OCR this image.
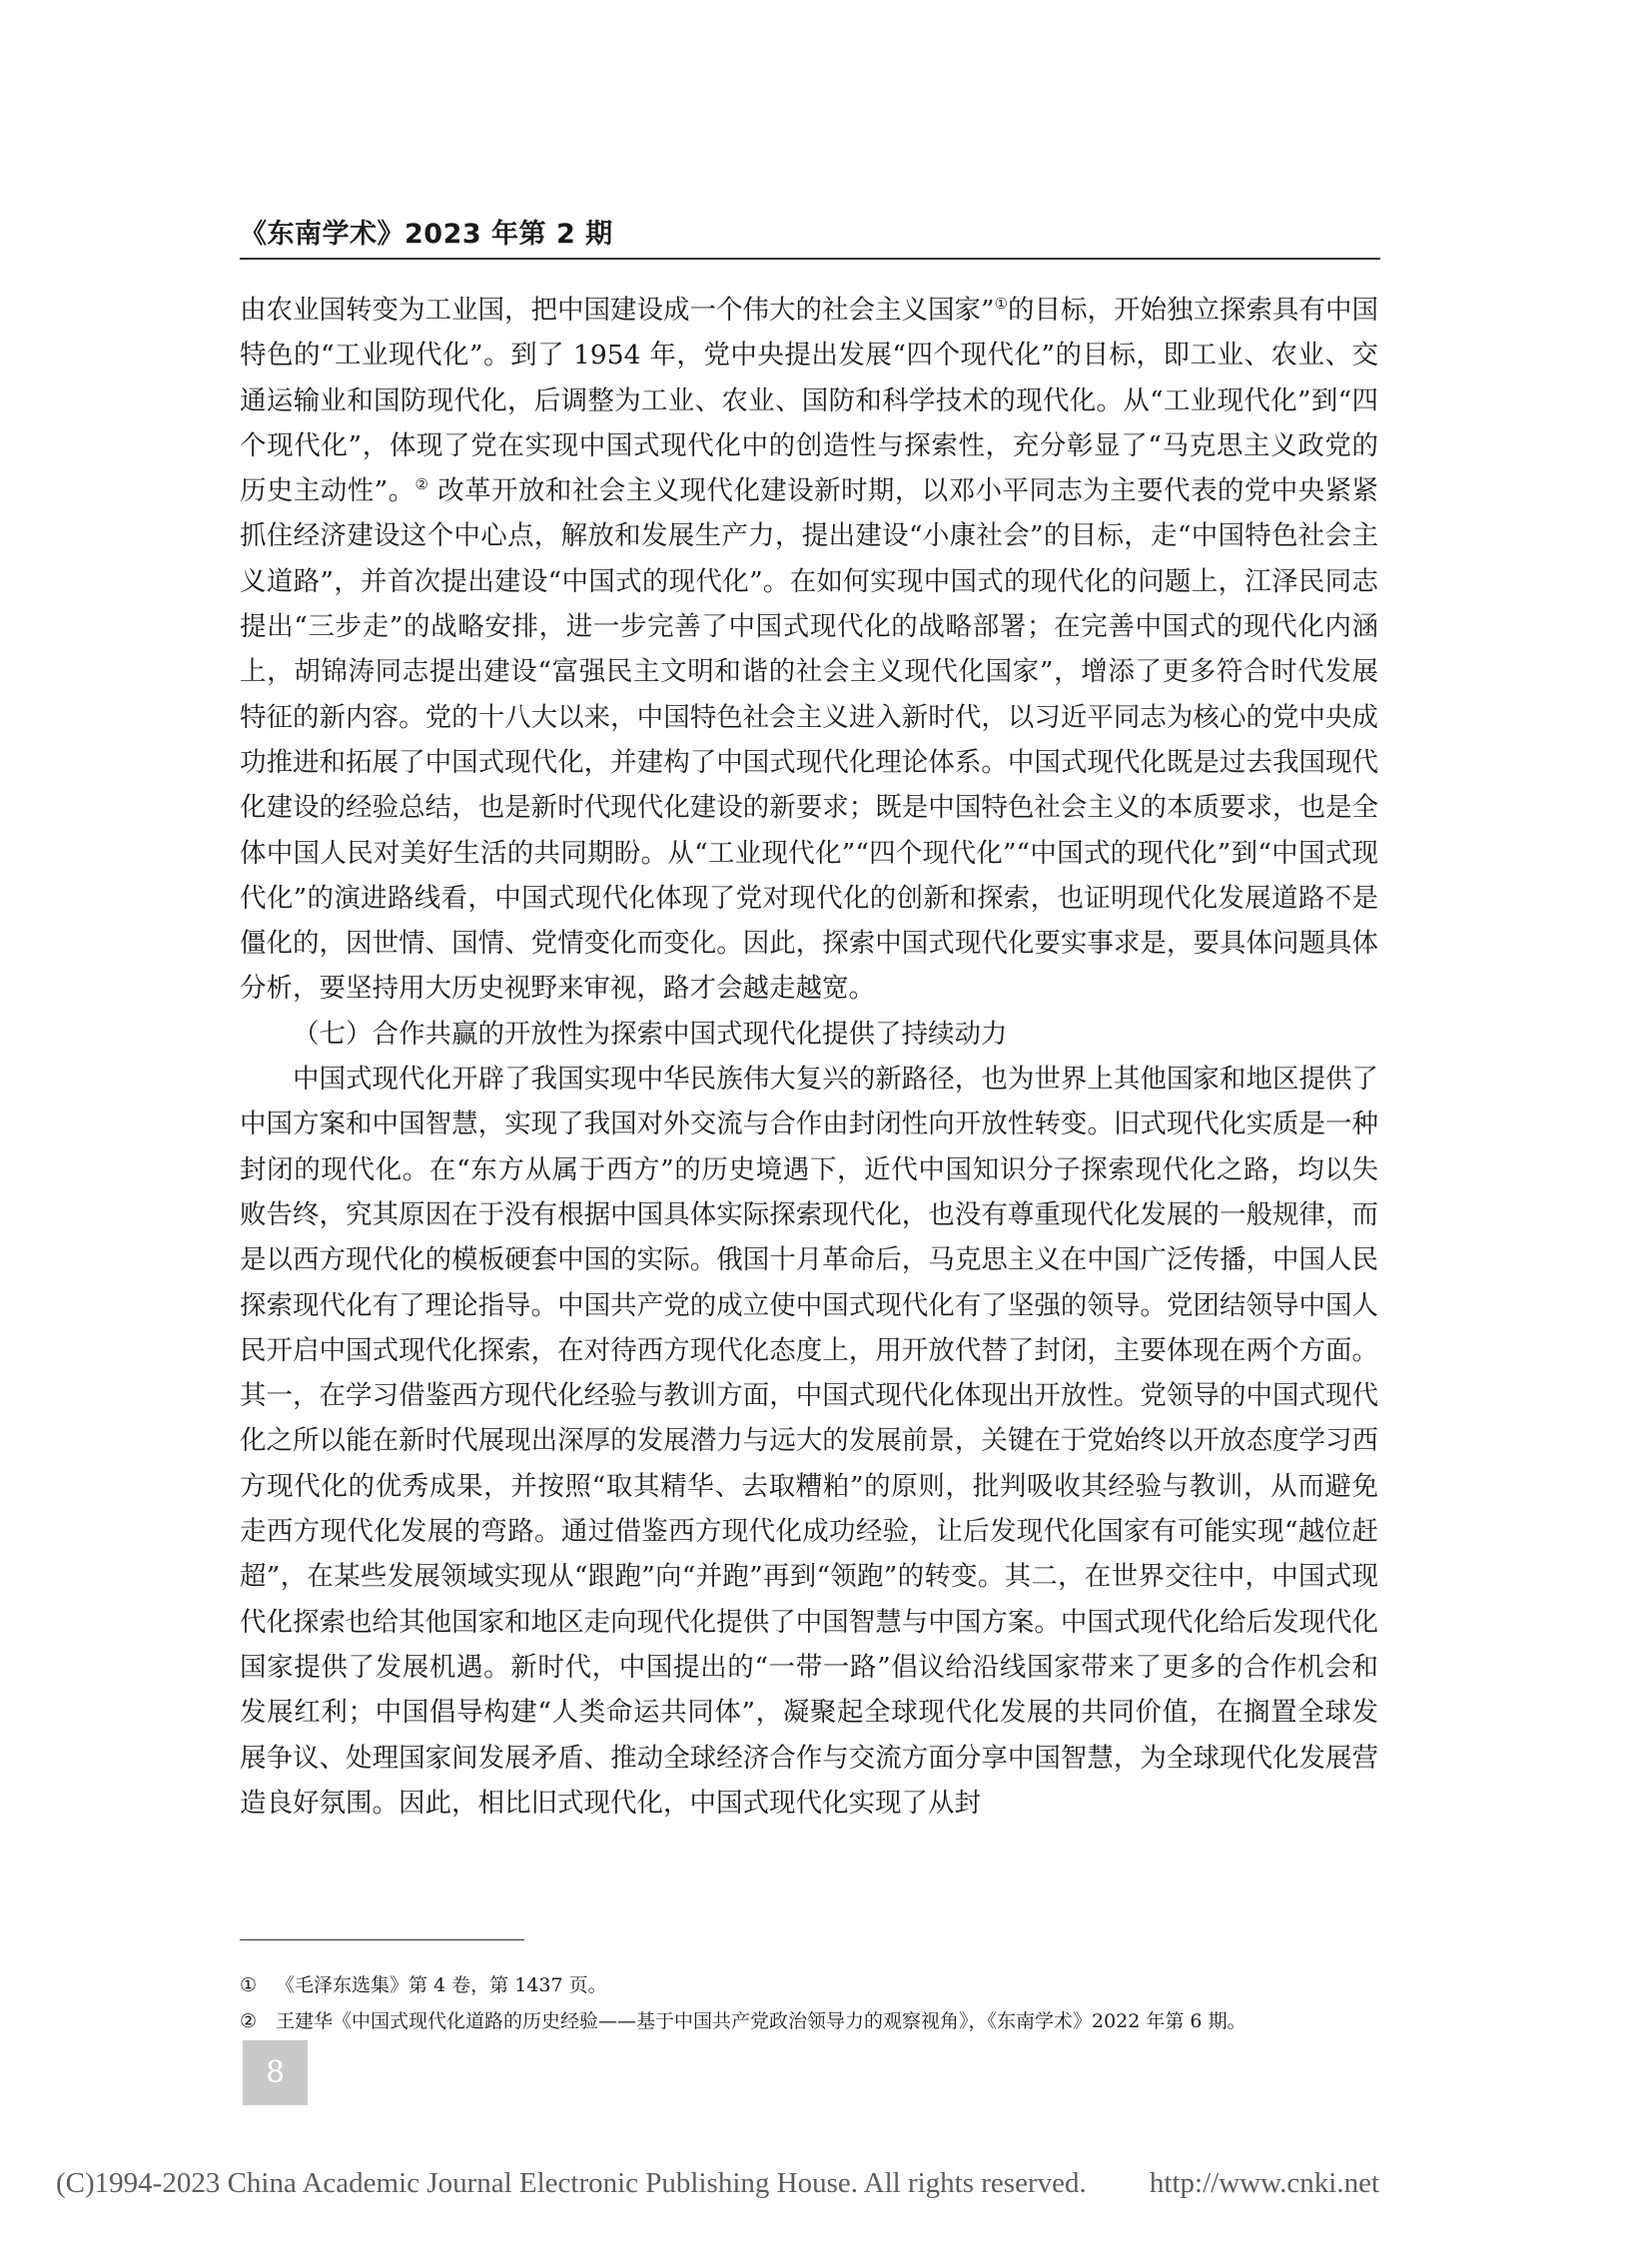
《东南学术》2023 年第 2 期

由农业国转变为工业国，把中国建设成一个伟大的社会主义国家”①的目标，开始独立探索具有中国特色的“工业现代化”。到了 1954 年，党中央提出发展“四个现代化”的目标，即工业、农业、交通运输业和国防现代化，后调整为工业、农业、国防和科学技术的现代化。从“工业现代化”到“四个现代化”，体现了党在实现中国式现代化中的创造性与探索性，充分彰显了“马克思主义政党的历史主动性”。② 改革开放和社会主义现代化建设新时期，以邓小平同志为主要代表的党中央紧紧抓住经济建设这个中心点，解放和发展生产力，提出建设“小康社会”的目标，走“中国特色社会主义道路”，并首次提出建设“中国式的现代化”。在如何实现中国式的现代化的问题上，江泽民同志提出“三步走”的战略安排，进一步完善了中国式现代化的战略部署；在完善中国式的现代化内涵上，胡锦涛同志提出建设“富强民主文明和谐的社会主义现代化国家”，增添了更多符合时代发展特征的新内容。党的十八大以来，中国特色社会主义进入新时代，以习近平同志为核心的党中央成功推进和拓展了中国式现代化，并建构了中国式现代化理论体系。中国式现代化既是过去我国现代化建设的经验总结，也是新时代现代化建设的新要求；既是中国特色社会主义的本质要求，也是全体中国人民对美好生活的共同期盼。从“工业现代化”“四个现代化”“中国式的现代化”到“中国式现代化”的演进路线看，中国式现代化体现了党对现代化的创新和探索，也证明现代化发展道路不是僵化的，因世情、国情、党情变化而变化。因此，探索中国式现代化要实事求是，要具体问题具体分析，要坚持用大历史视野来审视，路才会越走越宽。

（七）合作共赢的开放性为探索中国式现代化提供了持续动力

中国式现代化开辟了我国实现中华民族伟大复兴的新路径，也为世界上其他国家和地区提供了中国方案和中国智慧，实现了我国对外交流与合作由封闭性向开放性转变。旧式现代化实质是一种封闭的现代化。在“东方从属于西方”的历史境遇下，近代中国知识分子探索现代化之路，均以失败告终，究其原因在于没有根据中国具体实际探索现代化，也没有尊重现代化发展的一般规律，而是以西方现代化的模板硬套中国的实际。俄国十月革命后，马克思主义在中国广泛传播，中国人民探索现代化有了理论指导。中国共产党的成立使中国式现代化有了坚强的领导。党团结领导中国人民开启中国式现代化探索，在对待西方现代化态度上，用开放代替了封闭，主要体现在两个方面。其一，在学习借鉴西方现代化经验与教训方面，中国式现代化体现出开放性。党领导的中国式现代化之所以能在新时代展现出深厚的发展潜力与远大的发展前景，关键在于党始终以开放态度学习西方现代化的优秀成果，并按照“取其精华、去取糟粕”的原则，批判吸收其经验与教训，从而避免走西方现代化发展的弯路。通过借鉴西方现代化成功经验，让后发现代化国家有可能实现“越位赶超”，在某些发展领域实现从“跟跑”向“并跑”再到“领跑”的转变。其二，在世界交往中，中国式现代化探索也给其他国家和地区走向现代化提供了中国智慧与中国方案。中国式现代化给后发现代化国家提供了发展机遇。新时代，中国提出的“一带一路”倡议给沿线国家带来了更多的合作机会和发展红利；中国倡导构建“人类命运共同体”，凝聚起全球现代化发展的共同价值，在搁置全球发展争议、处理国家间发展矛盾、推动全球经济合作与交流方面分享中国智慧，为全球现代化发展营造良好氛围。因此，相比旧式现代化，中国式现代化实现了从封

① 《毛泽东选集》第 4 卷，第 1437 页。
② 王建华《中国式现代化道路的历史经验——基于中国共产党政治领导力的观察视角》，《东南学术》2022 年第 6 期。
8
(C)1994-2023 China Academic Journal Electronic Publishing House. All rights reserved. http://www.cnki.net
